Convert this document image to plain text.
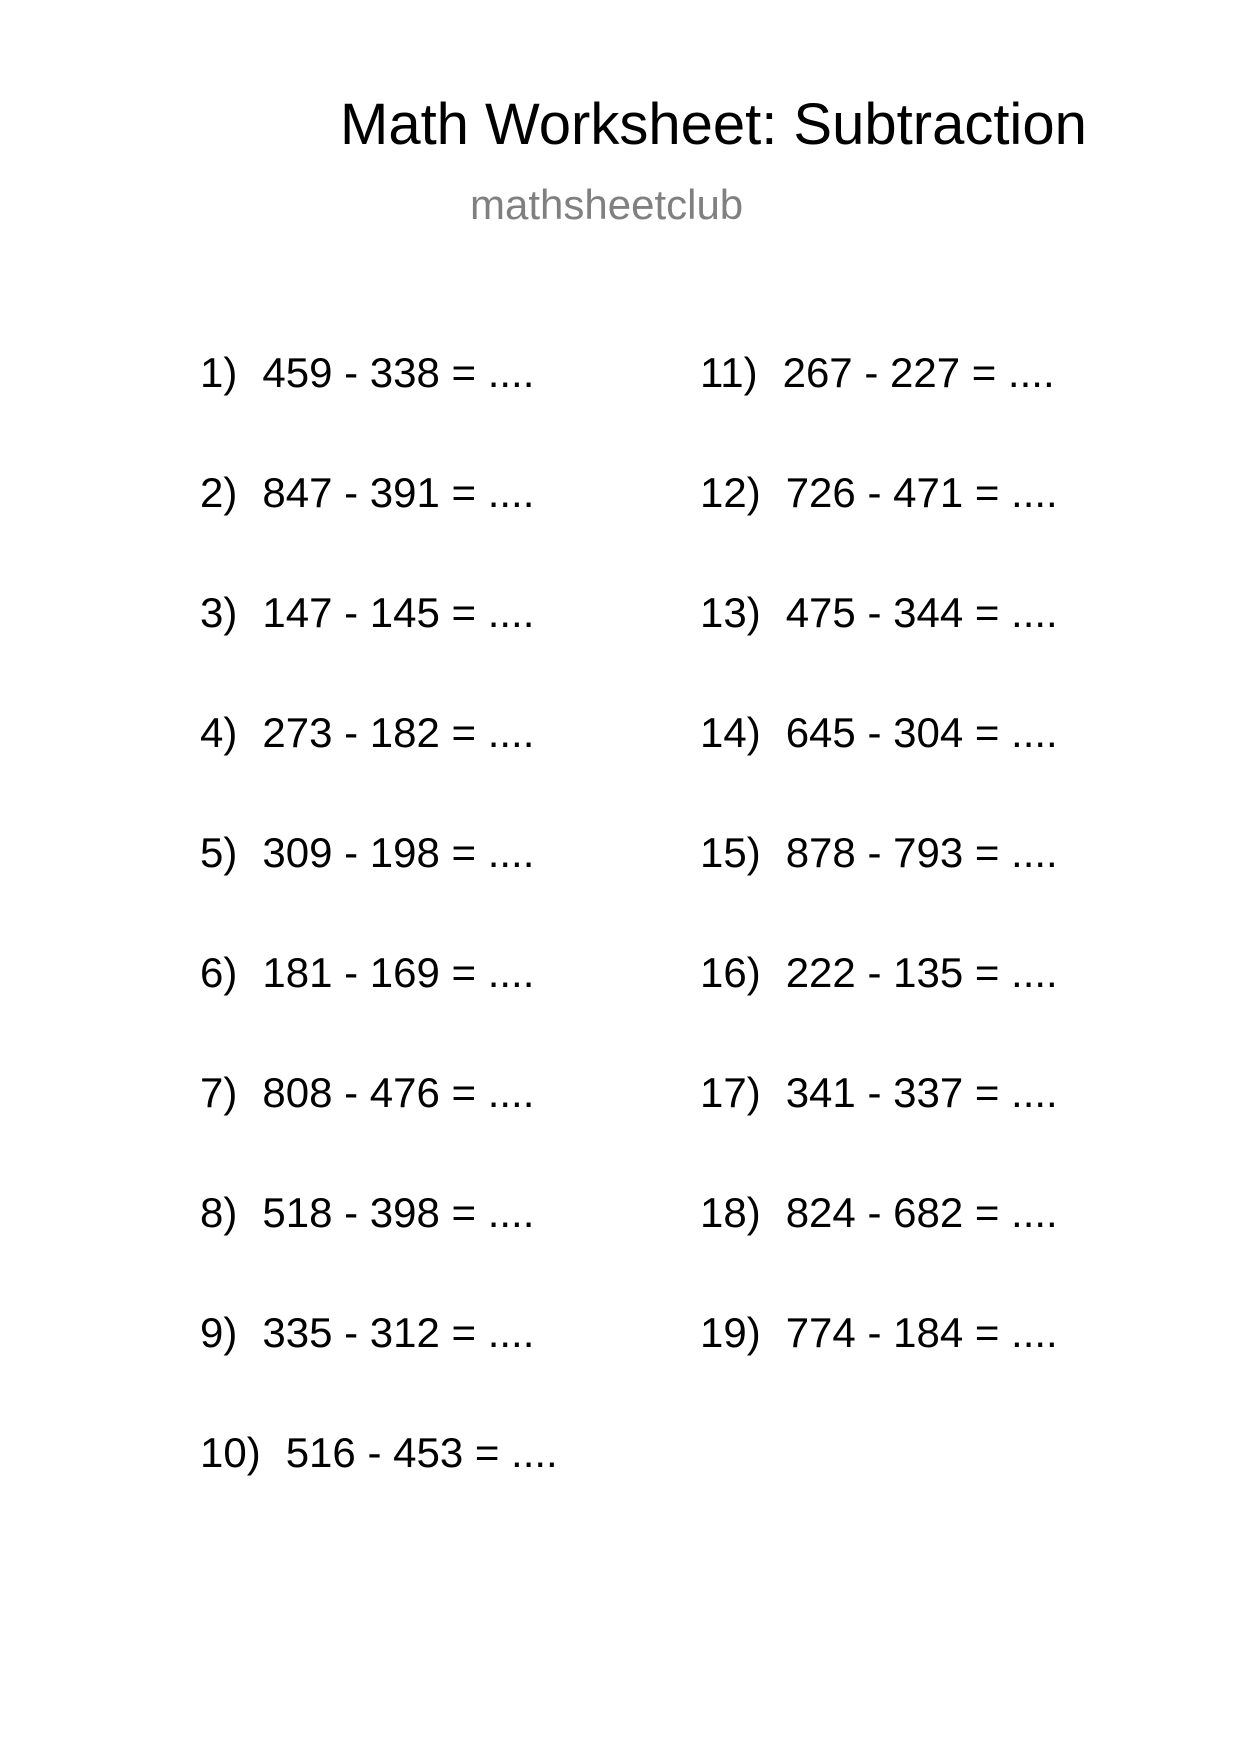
Math Worksheet: Subtraction
mathsheetclub
1) 459 - 338 = ....
2) 847 - 391 = ....
3) 147 - 145 = ....
4) 273 - 182 = ....
5) 309 - 198 = ....
6) 181 - 169 = ....
7) 808 - 476 = ....
8) 518 - 398 = ....
9) 335 - 312 = ....
10) 516 - 453 = ....
11) 267 - 227 = ....
12) 726 - 471 = ....
13) 475 - 344 = ....
14) 645 - 304 = ....
15) 878 - 793 = ....
16) 222 - 135 = ....
17) 341 - 337 = ....
18) 824 - 682 = ....
19) 774 - 184 = ....
